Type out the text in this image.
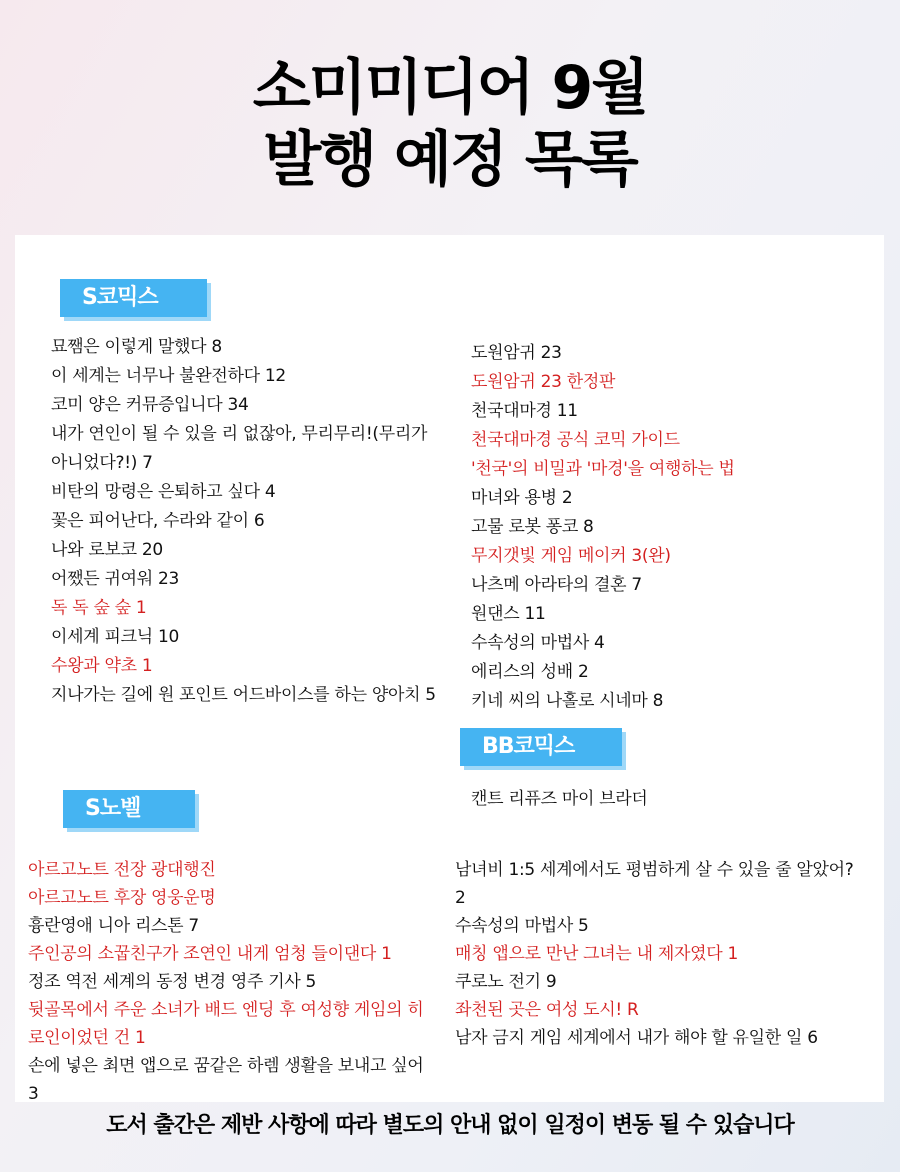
소미미디어 9월
발행 예정 목록
S코믹스
묘쨈은 이렇게 말했다 8
이 세계는 너무나 불완전하다 12
코미 양은 커뮤증입니다 34
내가 연인이 될 수 있을 리 없잖아, 무리무리!(무리가 아니었다?!) 7
비탄의 망령은 은퇴하고 싶다 4
꽃은 피어난다, 수라와 같이 6
나와 로보코 20
어쨌든 귀여워 23
독 독 숲 숲 1
이세계 피크닉 10
수왕과 약초 1
지나가는 길에 원 포인트 어드바이스를 하는 양아치 5
도원암귀 23
도원암귀 23 한정판
천국대마경 11
천국대마경 공식 코믹 가이드
'천국'의 비밀과 '마경'을 여행하는 법
마녀와 용병 2
고물 로봇 퐁코 8
무지갯빛 게임 메이커 3(완)
나츠메 아라타의 결혼 7
원댄스 11
수속성의 마법사 4
에리스의 성배 2
키네 씨의 나홀로 시네마 8
BB코믹스
캔트 리퓨즈 마이 브라더
S노벨
아르고노트 전장 광대행진
아르고노트 후장 영웅운명
흉란영애 니아 리스톤 7
주인공의 소꿉친구가 조연인 내게 엄청 들이댄다 1
정조 역전 세계의 동정 변경 영주 기사 5
뒷골목에서 주운 소녀가 배드 엔딩 후 여성향 게임의 히로인이었던 건 1
손에 넣은 최면 앱으로 꿈같은 하렘 생활을 보내고 싶어 3
남녀비 1:5 세계에서도 평범하게 살 수 있을 줄 알았어? 2
수속성의 마법사 5
매칭 앱으로 만난 그녀는 내 제자였다 1
쿠로노 전기 9
좌천된 곳은 여성 도시! R
남자 금지 게임 세계에서 내가 해야 할 유일한 일 6
도서 출간은 제반 사항에 따라 별도의 안내 없이 일정이 변동 될 수 있습니다
